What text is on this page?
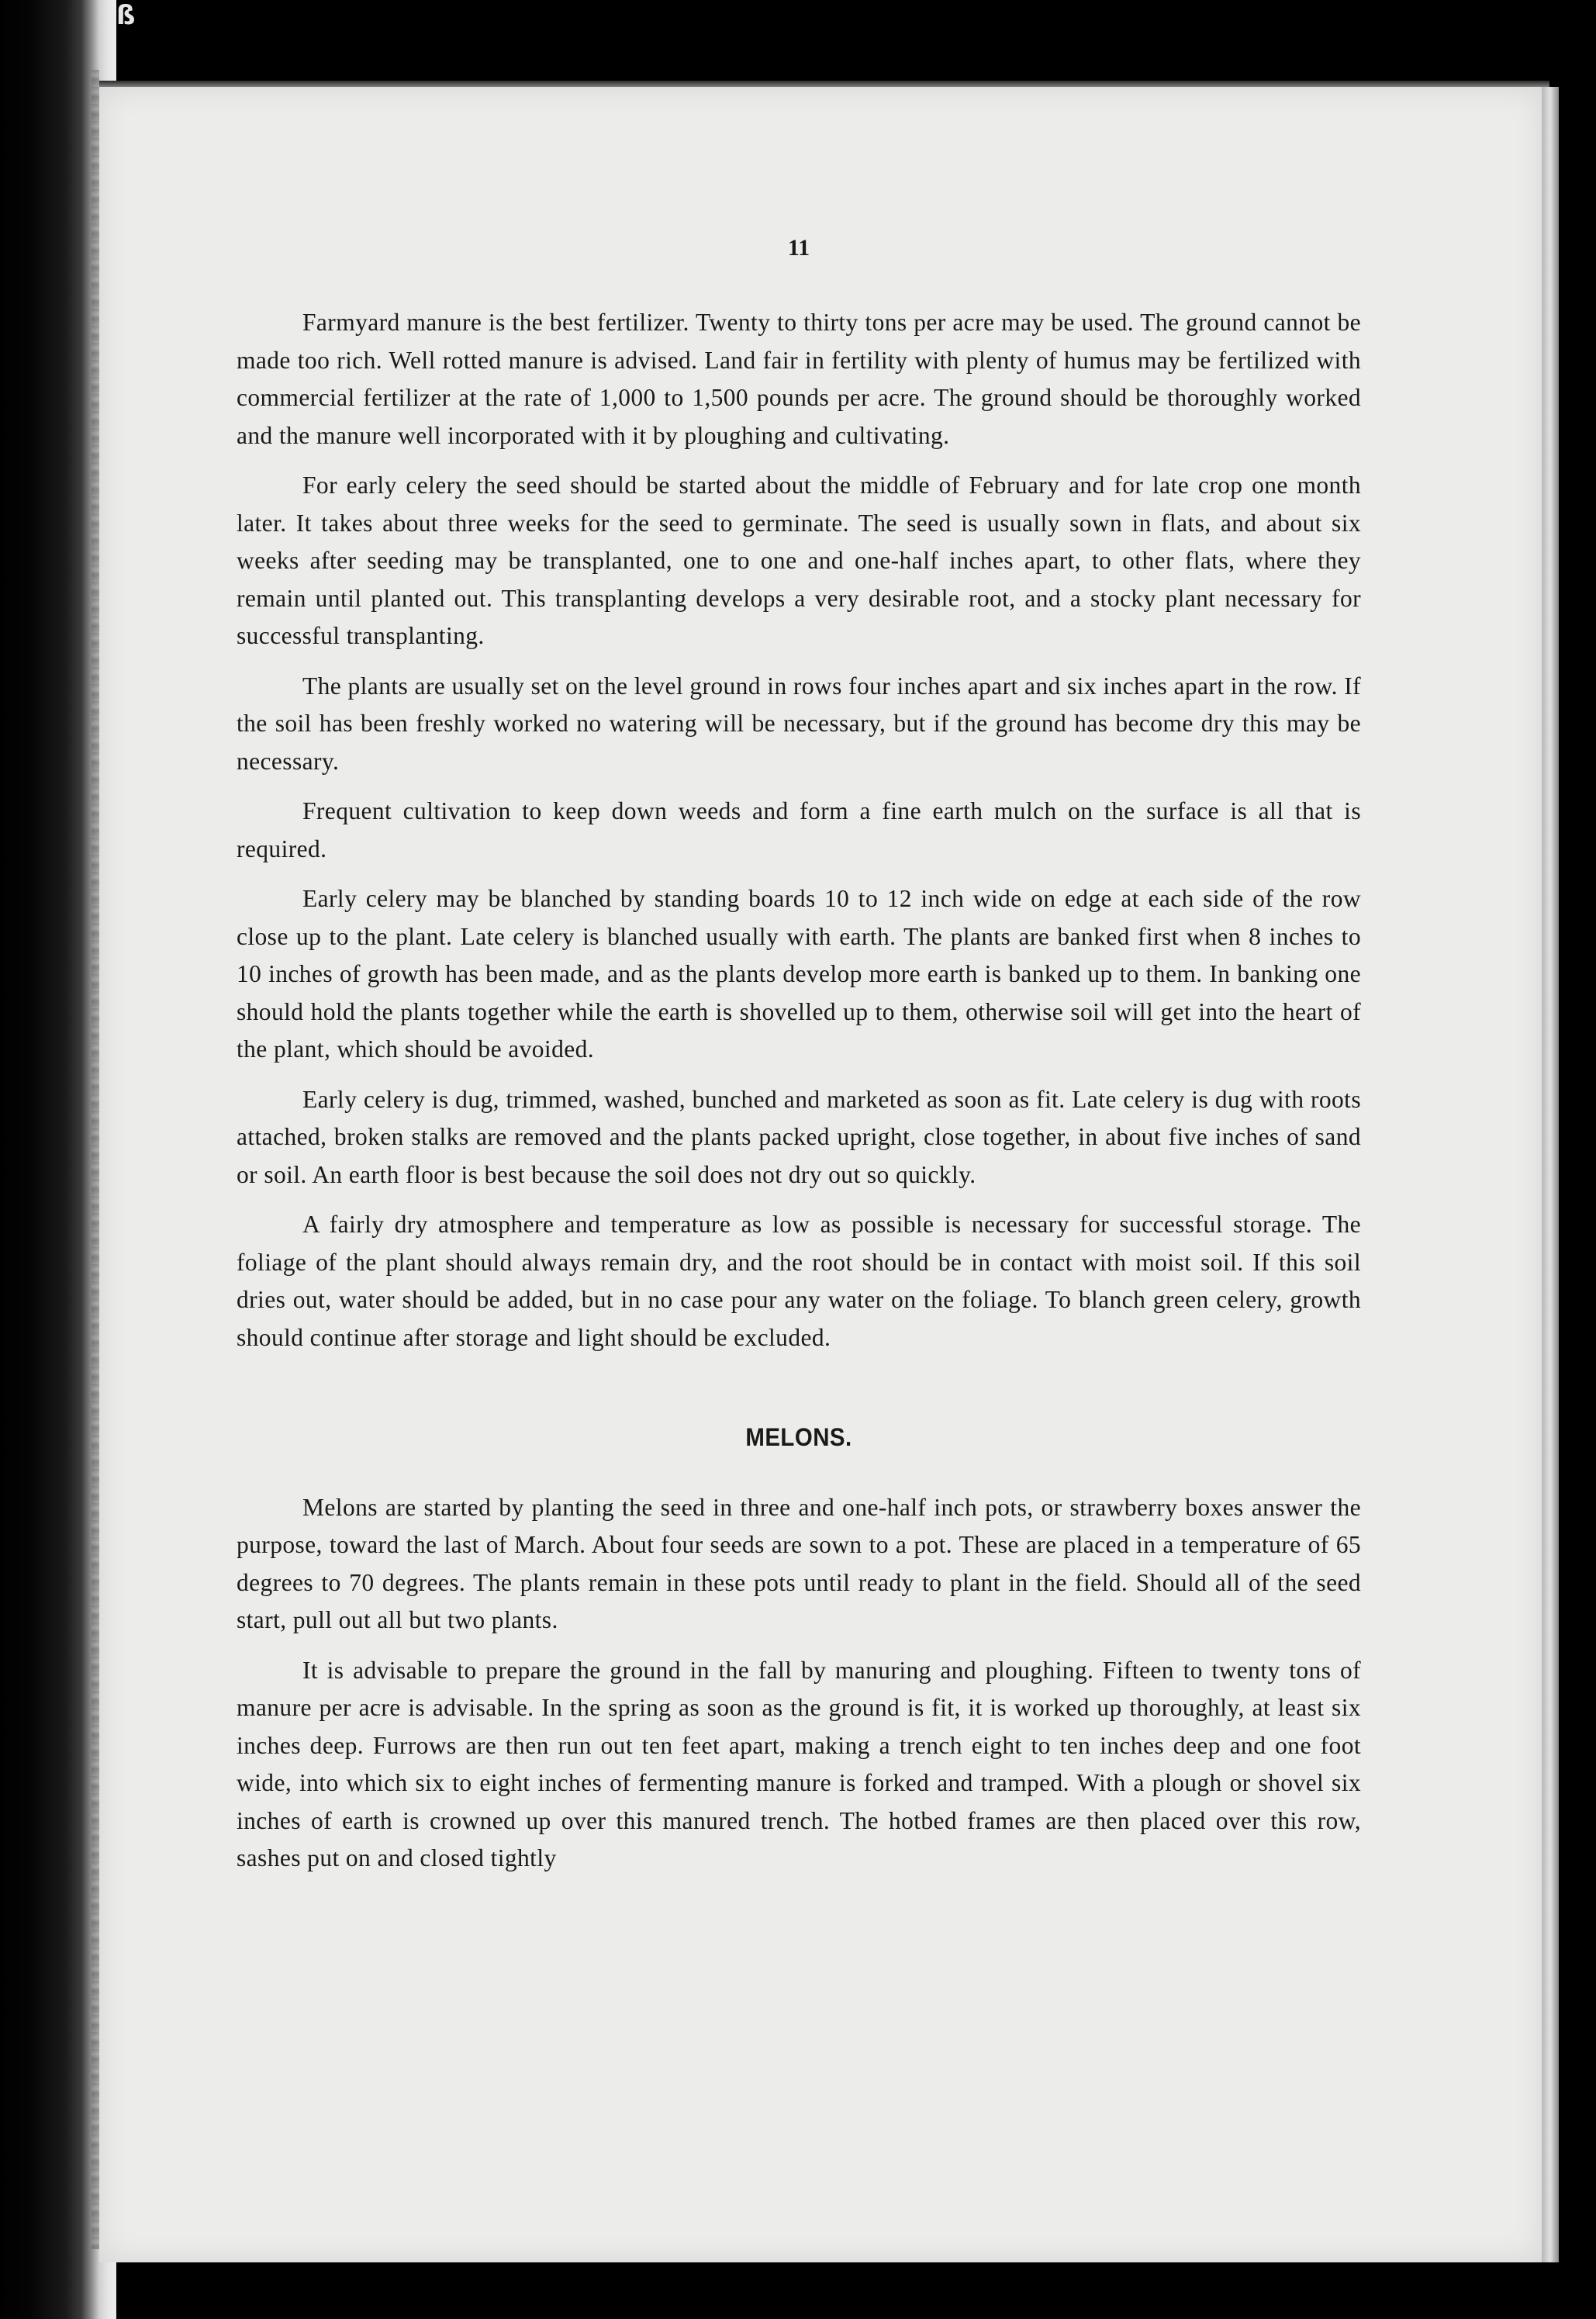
ß
11

Farmyard manure is the best fertilizer. Twenty to thirty tons per acre may be used. The ground cannot be made too rich. Well rotted manure is advised. Land fair in fertility with plenty of humus may be fertilized with commercial fertilizer at the rate of 1,000 to 1,500 pounds per acre. The ground should be thoroughly worked and the manure well incorporated with it by ploughing and cultivating.

For early celery the seed should be started about the middle of February and for late crop one month later. It takes about three weeks for the seed to germinate. The seed is usually sown in flats, and about six weeks after seeding may be transplanted, one to one and one-half inches apart, to other flats, where they remain until planted out. This transplanting develops a very desirable root, and a stocky plant necessary for successful transplanting.

The plants are usually set on the level ground in rows four inches apart and six inches apart in the row. If the soil has been freshly worked no watering will be necessary, but if the ground has become dry this may be necessary.

Frequent cultivation to keep down weeds and form a fine earth mulch on the surface is all that is required.

Early celery may be blanched by standing boards 10 to 12 inch wide on edge at each side of the row close up to the plant. Late celery is blanched usually with earth. The plants are banked first when 8 inches to 10 inches of growth has been made, and as the plants develop more earth is banked up to them. In banking one should hold the plants together while the earth is shovelled up to them, otherwise soil will get into the heart of the plant, which should be avoided.

Early celery is dug, trimmed, washed, bunched and marketed as soon as fit. Late celery is dug with roots attached, broken stalks are removed and the plants packed upright, close together, in about five inches of sand or soil. An earth floor is best because the soil does not dry out so quickly.

A fairly dry atmosphere and temperature as low as possible is necessary for successful storage. The foliage of the plant should always remain dry, and the root should be in contact with moist soil. If this soil dries out, water should be added, but in no case pour any water on the foliage. To blanch green celery, growth should continue after storage and light should be excluded.

MELONS.

Melons are started by planting the seed in three and one-half inch pots, or strawberry boxes answer the purpose, toward the last of March. About four seeds are sown to a pot. These are placed in a temperature of 65 degrees to 70 degrees. The plants remain in these pots until ready to plant in the field. Should all of the seed start, pull out all but two plants.

It is advisable to prepare the ground in the fall by manuring and ploughing. Fifteen to twenty tons of manure per acre is advisable. In the spring as soon as the ground is fit, it is worked up thoroughly, at least six inches deep. Furrows are then run out ten feet apart, making a trench eight to ten inches deep and one foot wide, into which six to eight inches of fermenting manure is forked and tramped. With a plough or shovel six inches of earth is crowned up over this manured trench. The hotbed frames are then placed over this row, sashes put on and closed tightly
